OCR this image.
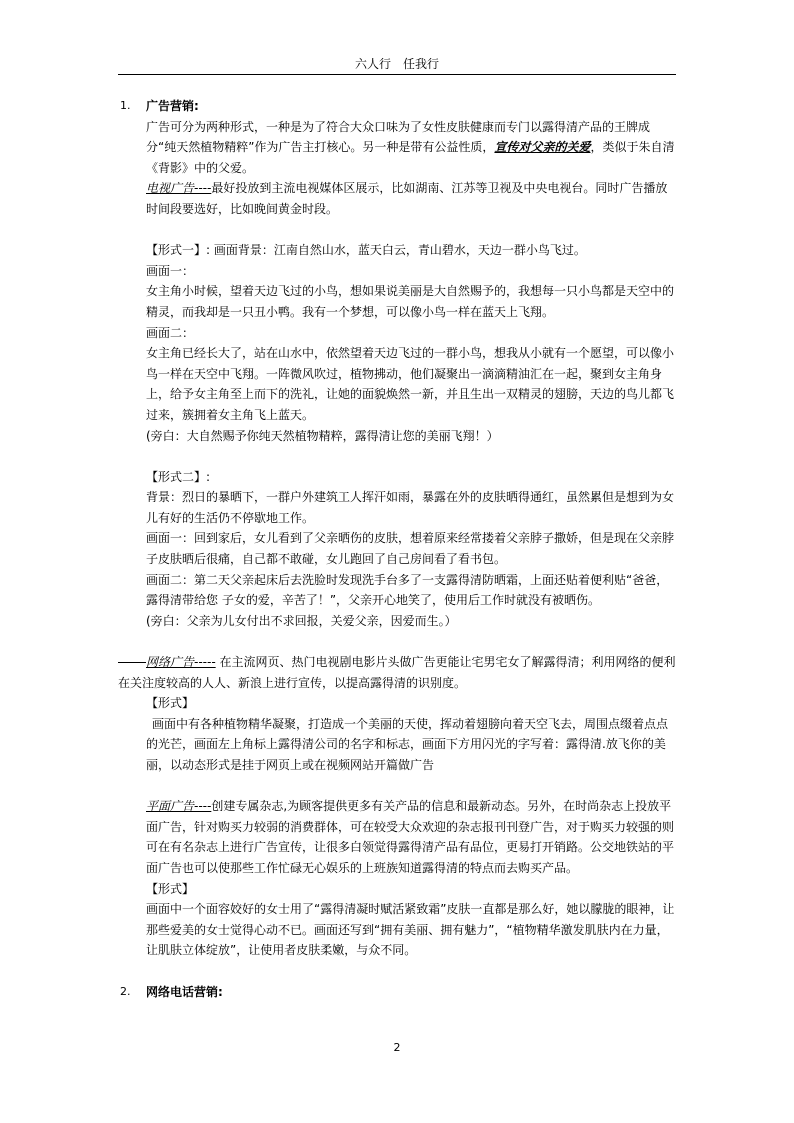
六人行　任我行
1. 广告营销:

广告可分为两种形式，一种是为了符合大众口味为了女性皮肤健康而专门以露得清产品的王牌成分“纯天然植物精粹”作为广告主打核心。另一种是带有公益性质，宣传对父亲的关爱，类似于朱自清《背影》中的父爱。

电视广告----最好投放到主流电视媒体区展示，比如湖南、江苏等卫视及中央电视台。同时广告播放时间段要选好，比如晚间黄金时段。

【形式一】: 画面背景：江南自然山水，蓝天白云，青山碧水，天边一群小鸟飞过。

画面一：

女主角小时候，望着天边飞过的小鸟，想如果说美丽是大自然赐予的，我想每一只小鸟都是天空中的精灵，而我却是一只丑小鸭。我有一个梦想，可以像小鸟一样在蓝天上飞翔。

画面二：

女主角已经长大了，站在山水中，依然望着天边飞过的一群小鸟，想我从小就有一个愿望，可以像小鸟一样在天空中飞翔。一阵微风吹过，植物拂动，他们凝聚出一滴滴精油汇在一起，聚到女主角身上，给予女主角至上而下的洗礼，让她的面貌焕然一新，并且生出一双精灵的翅膀，天边的鸟儿都飞过来，簇拥着女主角飞上蓝天。

(旁白：大自然赐予你纯天然植物精粹，露得清让您的美丽飞翔！）

【形式二】:

背景：烈日的暴晒下，一群户外建筑工人挥汗如雨，暴露在外的皮肤晒得通红，虽然累但是想到为女儿有好的生活仍不停歇地工作。

画面一：回到家后，女儿看到了父亲晒伤的皮肤，想着原来经常搂着父亲脖子撒娇，但是现在父亲脖子皮肤晒后很痛，自己都不敢碰，女儿跑回了自己房间看了看书包。

画面二：第二天父亲起床后去洗脸时发现洗手台多了一支露得清防晒霜，上面还贴着便利贴“爸爸，露得清带给您 子女的爱，辛苦了！”，父亲开心地笑了，使用后工作时就没有被晒伤。

(旁白：父亲为儿女付出不求回报，关爱父亲，因爱而生。）

网络广告----- 在主流网页、热门电视剧电影片头做广告更能让宅男宅女了解露得清；利用网络的便利在关注度较高的人人、新浪上进行宣传，以提高露得清的识别度。

【形式】

画面中有各种植物精华凝聚，打造成一个美丽的天使，挥动着翅膀向着天空飞去，周围点缀着点点的光芒，画面左上角标上露得清公司的名字和标志，画面下方用闪光的字写着：露得清.放飞你的美丽，以动态形式是挂于网页上或在视频网站开篇做广告

平面广告----创建专属杂志,为顾客提供更多有关产品的信息和最新动态。另外，在时尚杂志上投放平面广告，针对购买力较弱的消费群体，可在较受大众欢迎的杂志报刊刊登广告，对于购买力较强的则可在有名杂志上进行广告宣传，让很多白领觉得露得清产品有品位，更易打开销路。公交地铁站的平面广告也可以使那些工作忙碌无心娱乐的上班族知道露得清的特点而去购买产品。

【形式】

画面中一个面容姣好的女士用了“露得清凝时赋活紧致霜”皮肤一直都是那么好，她以朦胧的眼神，让那些爱美的女士觉得心动不已。画面还写到“拥有美丽、拥有魅力”，“植物精华激发肌肤内在力量，让肌肤立体绽放”，让使用者皮肤柔嫩，与众不同。

2. 网络电话营销:

2
